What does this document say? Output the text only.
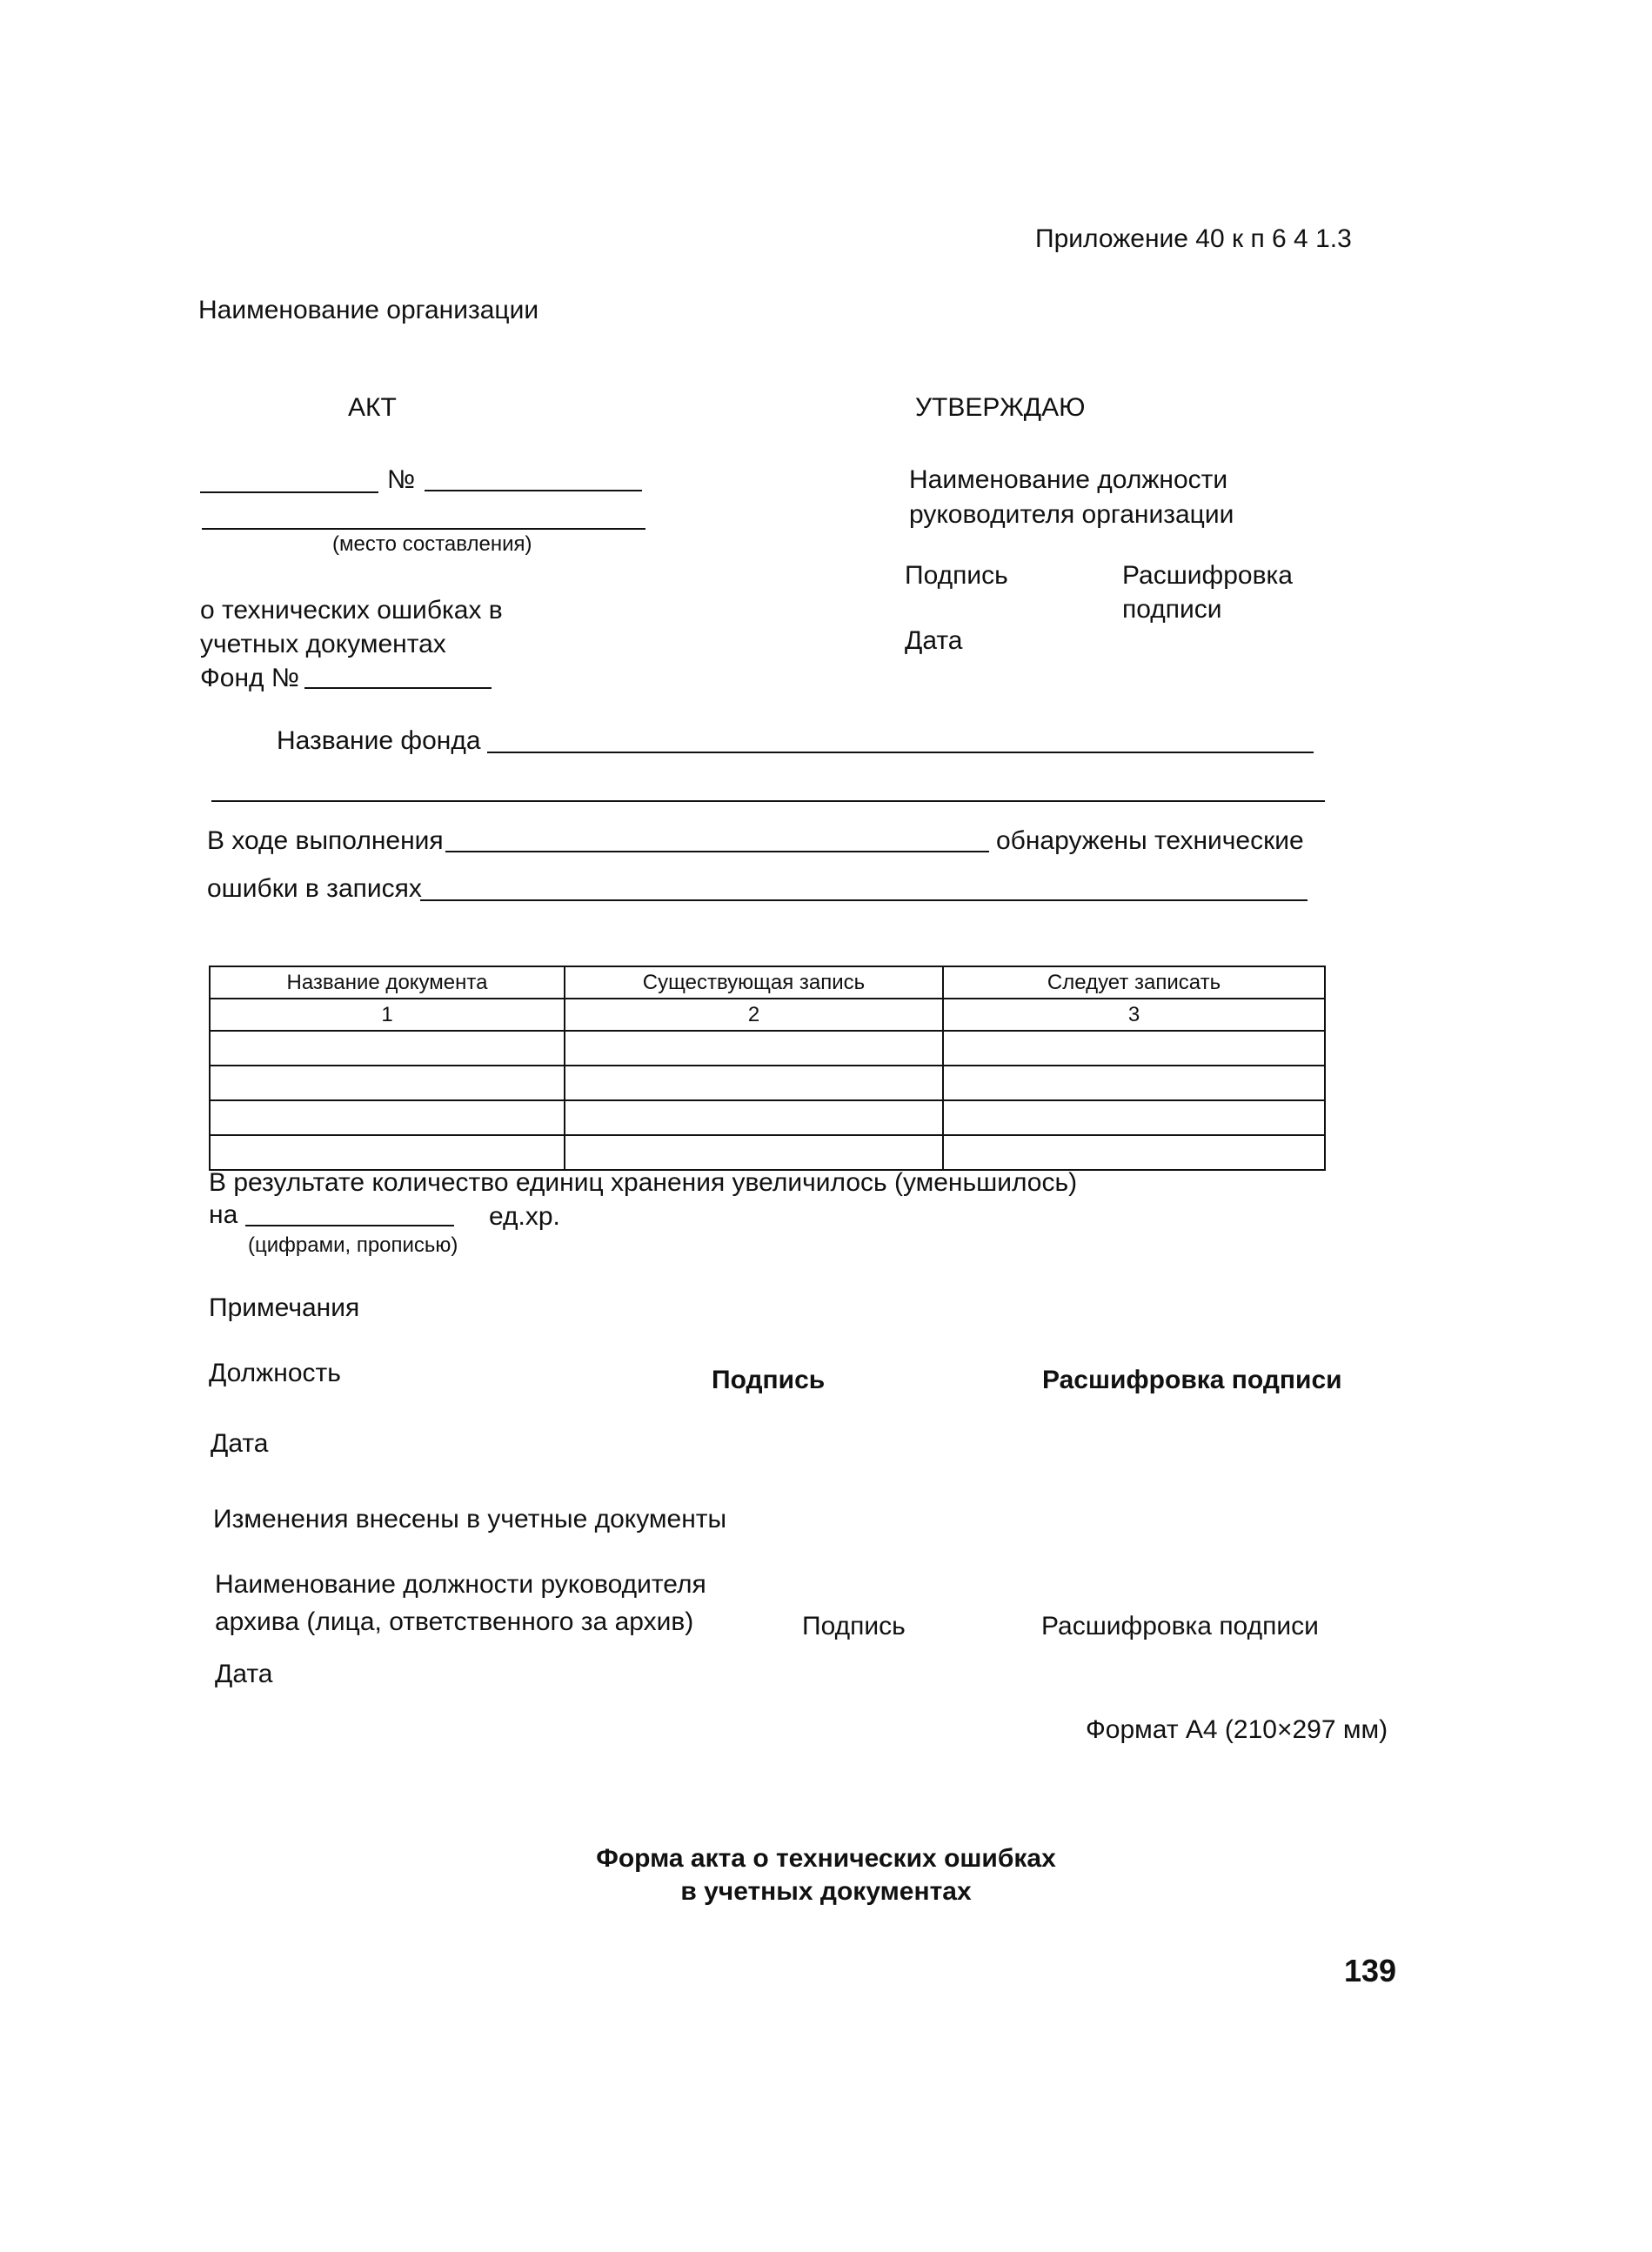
Приложение 40 к п 6 4 1.3
Наименование организации
АКТ
№
(место составления)
о технических ошибках в
учетных документах
Фонд №
УТВЕРЖДАЮ
Наименование должности
руководителя организации
Подпись	Расшифровка
подписи
Дата
Название фонда
В ходе выполнения	обнаружены технические
ошибки в записях
Название документа	Существующая запись	Следует записать
1	2	3

В результате количество единиц хранения увеличилось (уменьшилось)
на	ед.хр.
(цифрами, прописью)
Примечания
Должность	Подпись	Расшифровка подписи
Дата
Изменения внесены в учетные документы
Наименование должности руководителя
архива (лица, ответственного за архив)	Подпись	Расшифровка подписи
Дата
Формат А4 (210×297 мм)
Форма акта о технических ошибках
в учетных документах
139
